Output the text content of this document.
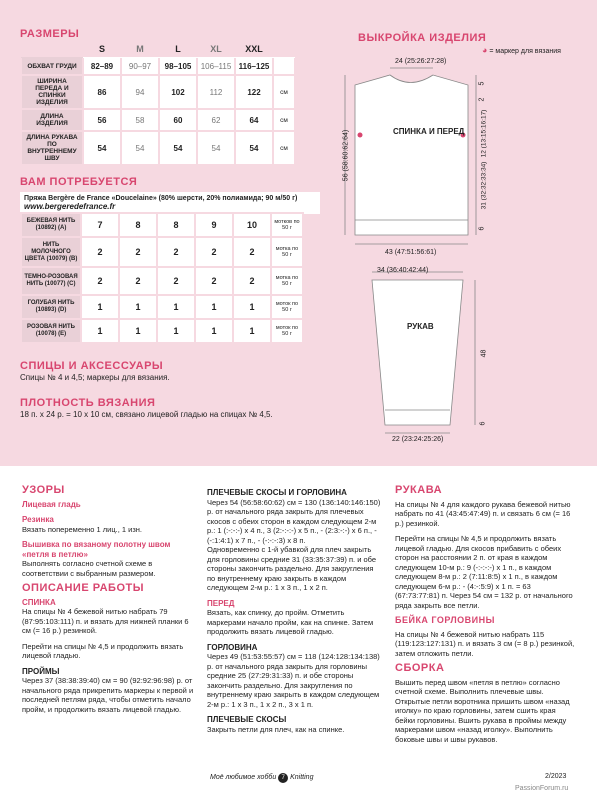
РАЗМЕРЫ
	S	M	L	XL	XXL	
ОБХВАТ ГРУДИ	82–89	90–97	98–105	106–115	116–125	
ШИРИНА ПЕРЕДА И СПИНКИ ИЗДЕЛИЯ	86	94	102	112	122	см
ДЛИНА ИЗДЕЛИЯ	56	58	60	62	64	см
ДЛИНА РУКАВА ПО ВНУТРЕННЕМУ ШВУ	54	54	54	54	54	см
ВАМ ПОТРЕБУЕТСЯ
Пряжа Bergère de France «Doucelaine» (80% шерсти, 20% полиамида; 90 м/50 г)
www.bergeredefrance.fr
БЕЖЕВАЯ НИТЬ (10892) (А)	7	8	8	9	10	мотков по 50 г
НИТЬ МОЛОЧНОГО ЦВЕТА (10079) (В)	2	2	2	2	2	мотка по 50 г
ТЕМНО-РОЗОВАЯ НИТЬ (10077) (С)	2	2	2	2	2	мотка по 50 г
ГОЛУБАЯ НИТЬ (10893) (D)	1	1	1	1	1	моток по 50 г
РОЗОВАЯ НИТЬ (10078) (Е)	1	1	1	1	1	моток по 50 г
СПИЦЫ И АКСЕССУАРЫ
Спицы № 4 и 4,5; маркеры для вязания.
ПЛОТНОСТЬ ВЯЗАНИЯ
18 п. х 24 р. = 10 х 10 см, связано лицевой гладью на спицах № 4,5.
ВЫКРОЙКА ИЗДЕЛИЯ
◕ = маркер для вязания
24 (25:26:27:28)
СПИНКА И ПЕРЕД
56 (58:60:62:64)
43 (47:51:56:61)
5
2
12 (13:15:16:17)
31 (32:32:33:34)
6
34 (36:40:42:44)
РУКАВ
48
6
22 (23:24:25:26)
УЗОРЫ
Лицевая гладь
Резинка

Вязать попеременно 1 лиц., 1 изн.

Вышивка по вязаному полотну швом «петля в петлю»

Выполнять согласно счетной схеме в соответствии с выбранным размером.

ОПИСАНИЕ РАБОТЫ
СПИНКА

На спицы № 4 бежевой нитью набрать 79 (87:95:103:111) п. и вязать для нижней планки 6 см (= 16 р.) резинкой.

Перейти на спицы № 4,5 и продолжить вязать лицевой гладью.

ПРОЙМЫ

Через 37 (38:38:39:40) см = 90 (92:92:96:98) р. от начального ряда прикрепить маркеры к первой и последней петлям ряда, чтобы отметить начало пройм, и продолжить вязать лицевой гладью.

ПЛЕЧЕВЫЕ СКОСЫ И ГОРЛОВИНА

Через 54 (56:58:60:62) см = 130 (136:140:146:150) р. от начального ряда закрыть для плечевых скосов с обеих сторон в каждом следующем 2-м р.: 1 (:-:-:-) х 4 п., 3 (2:-:-:-) х 5 п., - (2:3:-:-) х 6 п., - (-:1:4:1) х 7 п., - (-:-:-:3) х 8 п.

Одновременно с 1-й убавкой для плеч закрыть для горловины средние 31 (33:35:37:39) п. и обе стороны закончить раздельно. Для закругления по внутреннему краю закрыть в каждом следующем 2-м р.: 1 х 3 п., 1 х 2 п.

ПЕРЕД

Вязать, как спинку, до пройм. Отметить маркерами начало пройм, как на спинке. Затем продолжить вязать лицевой гладью.

ГОРЛОВИНА

Через 49 (51:53:55:57) см = 118 (124:128:134:138) р. от начального ряда закрыть для горловины средние 25 (27:29:31:33) п. и обе стороны закончить раздельно. Для закругления по внутреннему краю закрыть в каждом следующем 2-м р.: 1 х 3 п., 1 х 2 п., 3 х 1 п.

ПЛЕЧЕВЫЕ СКОСЫ

Закрыть петли для плеч, как на спинке.

РУКАВА

На спицы № 4 для каждого рукава бежевой нитью набрать по 41 (43:45:47:49) п. и связать 6 см (= 16 р.) резинкой.

Перейти на спицы № 4,5 и продолжить вязать лицевой гладью. Для скосов прибавить с обеих сторон на расстоянии 2 п. от края в каждом следующем 10-м р.: 9 (-:-:-:-) х 1 п., в каждом следующем 8-м р.: 2 (7:11:8:5) х 1 п., в каждом следующем 6-м р.: - (4:-:5:9) х 1 п. = 63 (67:73:77:81) п. Через 54 см = 132 р. от начального ряда закрыть все петли.

БЕЙКА ГОРЛОВИНЫ

На спицы № 4 бежевой нитью набрать 115 (119:123:127:131) п. и вязать 3 см (= 8 р.) резинкой, затем отложить петли.

СБОРКА

Вышить перед швом «петля в петлю» согласно счетной схеме. Выполнить плечевые швы. Открытые петли воротника пришить швом «назад иголку» по краю горловины, затем сшить края бейки горловины. Вшить рукава в проймы между маркерами швом «назад иголку». Выполнить боковые швы и швы рукавов.

Моё любимое хобби 7 Knitting	2/2023
PassionForum.ru
